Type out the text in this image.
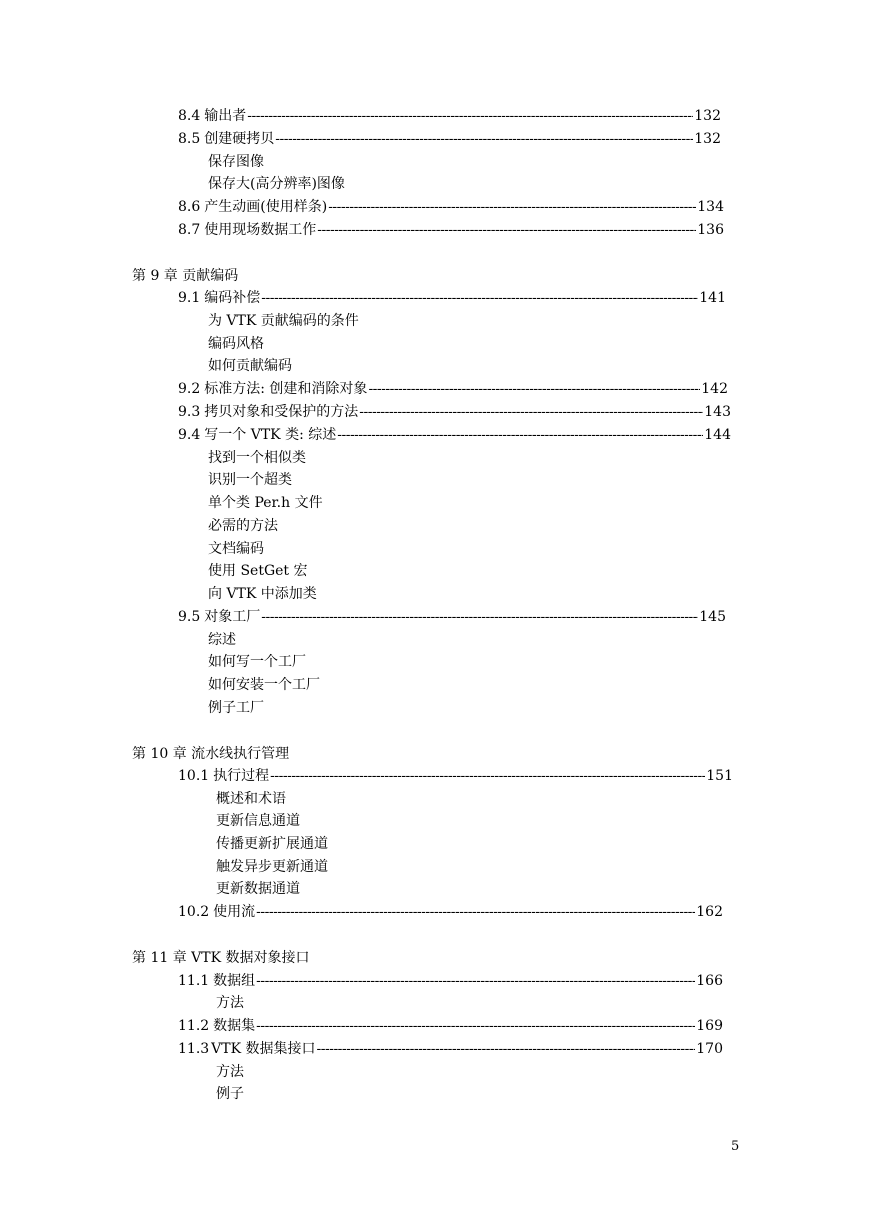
8.4 输出者 -----	132
8.5 创建硬拷贝 -----	132
保存图像
保存大(高分辨率)图像
8.6 产生动画(使用样条) -----	134
8.7 使用现场数据工作 -----	136
第 9 章 贡献编码
9.1 编码补偿 -----	141
为 VTK 贡献编码的条件
编码风格
如何贡献编码
9.2 标准方法: 创建和消除对象 -----	142
9.3 拷贝对象和受保护的方法 -----	143
9.4 写一个 VTK 类: 综述 -----	144
找到一个相似类
识别一个超类
单个类 Per.h 文件
必需的方法
文档编码
使用 SetGet 宏
向 VTK 中添加类
9.5 对象工厂 -----	145
综述
如何写一个工厂
如何安装一个工厂
例子工厂
第 10 章 流水线执行管理
10.1 执行过程 -----	151
概述和术语
更新信息通道
传播更新扩展通道
触发异步更新通道
更新数据通道
10.2 使用流 -----	162
第 11 章 VTK 数据对象接口
11.1 数据组 -----	166
方法
11.2 数据集 -----	169
11.3 VTK 数据集接口 -----	170
方法
例子
5
